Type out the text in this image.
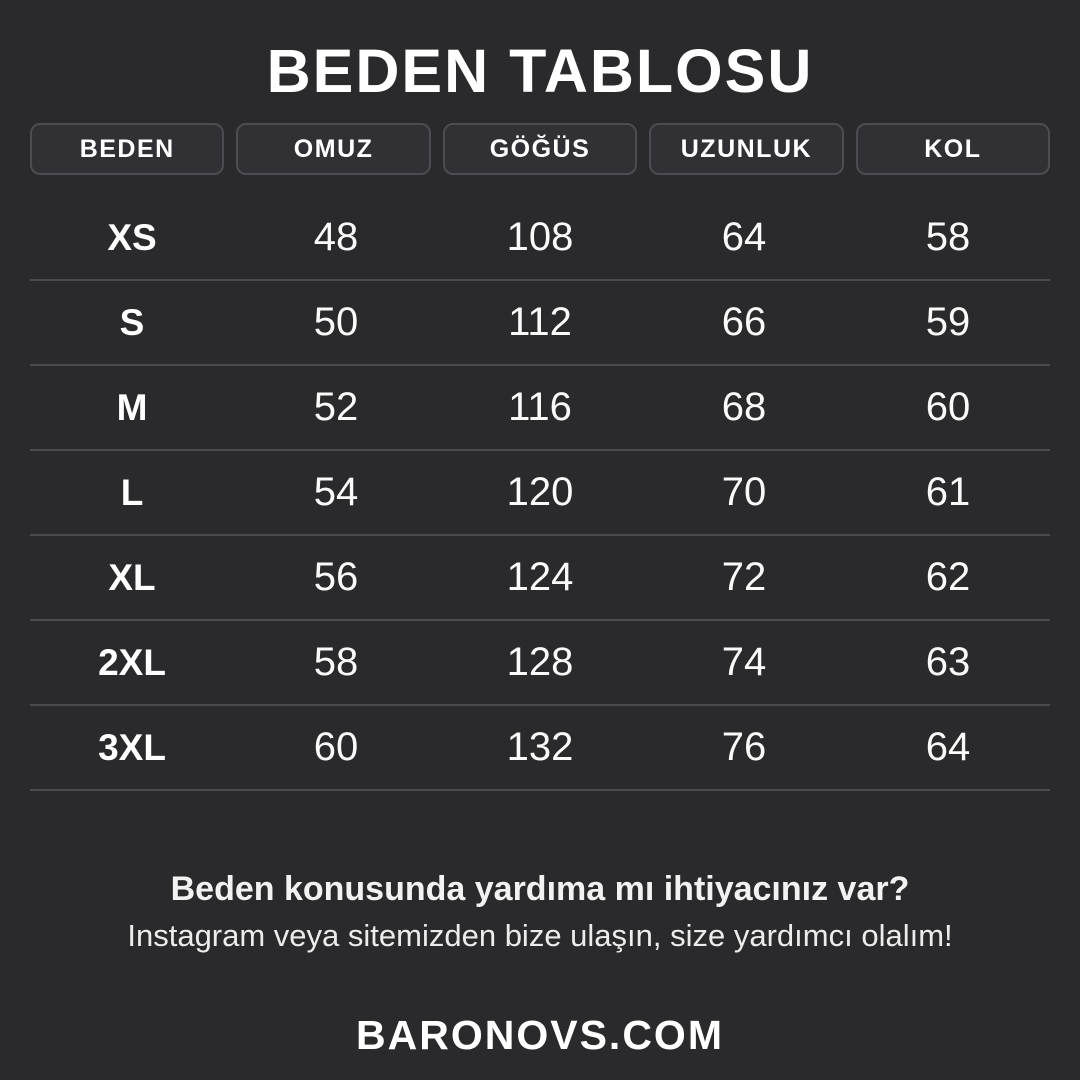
BEDEN TABLOSU
BEDEN	OMUZ	GÖĞÜS	UZUNLUK	KOL
XS	48	108	64	58
S	50	112	66	59
M	52	116	68	60
L	54	120	70	61
XL	56	124	72	62
2XL	58	128	74	63
3XL	60	132	76	64

Beden konusunda yardıma mı ihtiyacınız var?

Instagram veya sitemizden bize ulaşın, size yardımcı olalım!

BARONOVS.COM
